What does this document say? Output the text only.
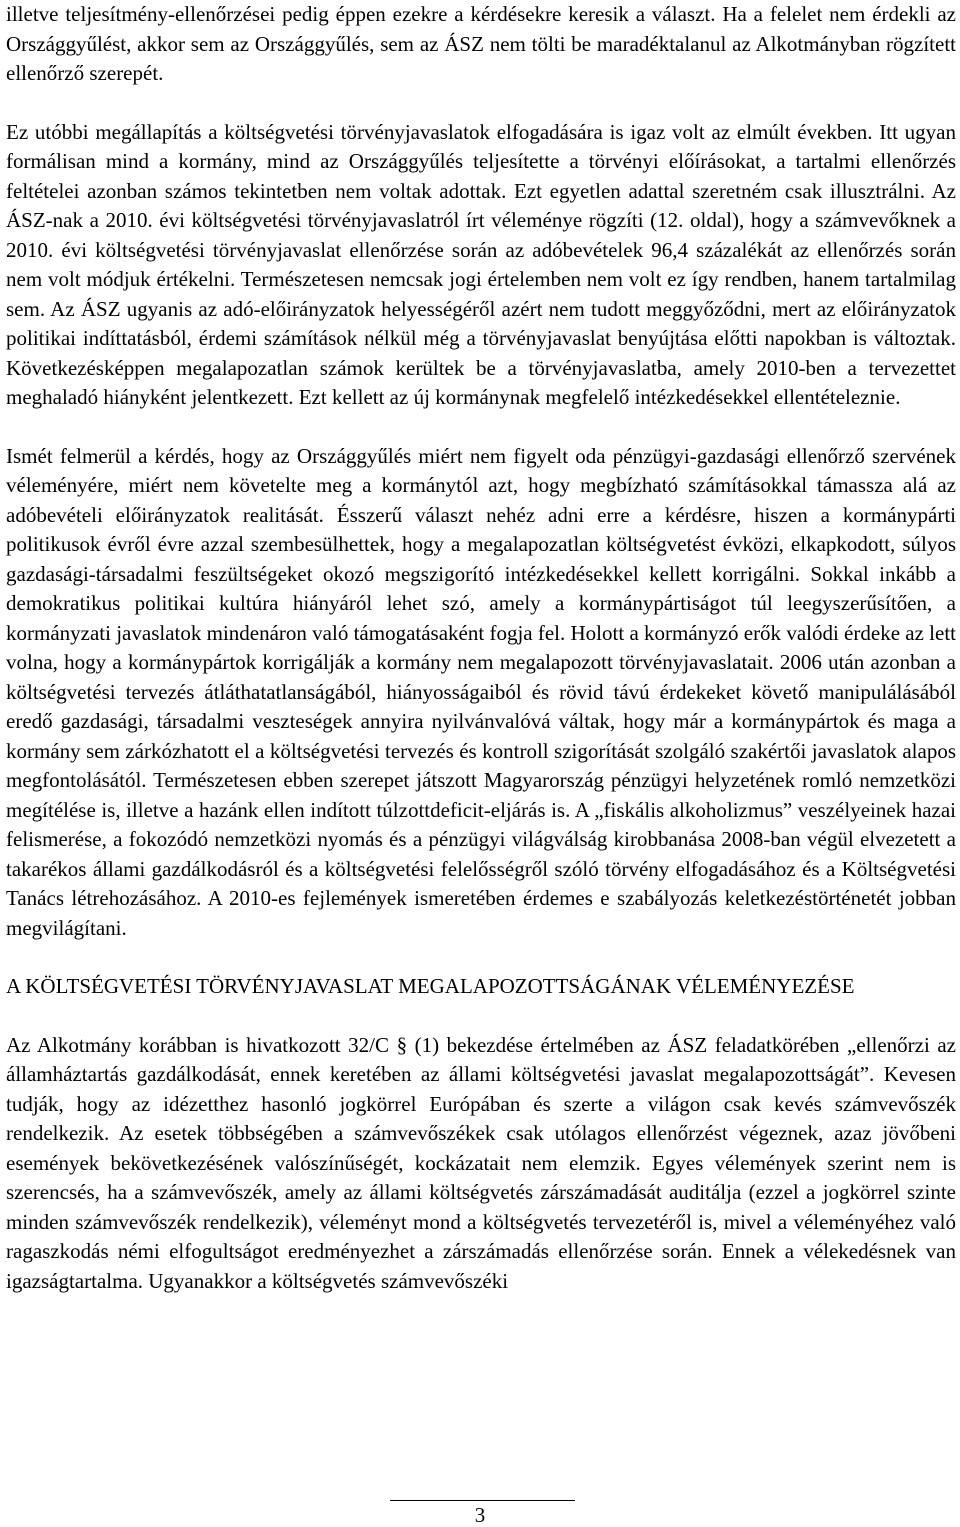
illetve teljesítmény-ellenőrzései pedig éppen ezekre a kérdésekre keresik a választ. Ha a felelet nem érdekli az Országgyűlést, akkor sem az Országgyűlés, sem az ÁSZ nem tölti be maradéktalanul az Alkotmányban rögzített ellenőrző szerepét.

Ez utóbbi megállapítás a költségvetési törvényjavaslatok elfogadására is igaz volt az elmúlt években. Itt ugyan formálisan mind a kormány, mind az Országgyűlés teljesítette a törvényi előírásokat, a tartalmi ellenőrzés feltételei azonban számos tekintetben nem voltak adottak. Ezt egyetlen adattal szeretném csak illusztrálni. Az ÁSZ-nak a 2010. évi költségvetési törvényjavaslatról írt véleménye rögzíti (12. oldal), hogy a számvevőknek a 2010. évi költségvetési törvényjavaslat ellenőrzése során az adóbevételek 96,4 százalékát az ellenőrzés során nem volt módjuk értékelni. Természetesen nemcsak jogi értelemben nem volt ez így rendben, hanem tartalmilag sem. Az ÁSZ ugyanis az adó-előirányzatok helyességéről azért nem tudott meggyőződni, mert az előirányzatok politikai indíttatásból, érdemi számítások nélkül még a törvényjavaslat benyújtása előtti napokban is változtak. Következésképpen megalapozatlan számok kerültek be a törvényjavaslatba, amely 2010-ben a tervezettet meghaladó hiányként jelentkezett. Ezt kellett az új kormánynak megfelelő intézkedésekkel ellentételeznie.

Ismét felmerül a kérdés, hogy az Országgyűlés miért nem figyelt oda pénzügyi-gazdasági ellenőrző szervének véleményére, miért nem követelte meg a kormánytól azt, hogy megbízható számításokkal támassza alá az adóbevételi előirányzatok realitását. Ésszerű választ nehéz adni erre a kérdésre, hiszen a kormánypárti politikusok évről évre azzal szembesülhettek, hogy a megalapozatlan költségvetést évközi, elkapkodott, súlyos gazdasági-társadalmi feszültségeket okozó megszigorító intézkedésekkel kellett korrigálni. Sokkal inkább a demokratikus politikai kultúra hiányáról lehet szó, amely a kormánypártiságot túl leegyszerűsítően, a kormányzati javaslatok mindenáron való támogatásaként fogja fel. Holott a kormányzó erők valódi érdeke az lett volna, hogy a kormánypártok korrigálják a kormány nem megalapozott törvényjavaslatait. 2006 után azonban a költségvetési tervezés átláthatatlanságából, hiányosságaiból és rövid távú érdekeket követő manipulálásából eredő gazdasági, társadalmi veszteségek annyira nyilvánvalóvá váltak, hogy már a kormánypártok és maga a kormány sem zárkózhatott el a költségvetési tervezés és kontroll szigorítását szolgáló szakértői javaslatok alapos megfontolásától. Természetesen ebben szerepet játszott Magyarország pénzügyi helyzetének romló nemzetközi megítélése is, illetve a hazánk ellen indított túlzottdeficit-eljárás is. A „fiskális alkoholizmus” veszélyeinek hazai felismerése, a fokozódó nemzetközi nyomás és a pénzügyi világválság kirobbanása 2008-ban végül elvezetett a takarékos állami gazdálkodásról és a költségvetési felelősségről szóló törvény elfogadásához és a Költségvetési Tanács létrehozásához. A 2010-es fejlemények ismeretében érdemes e szabályozás keletkezéstörténetét jobban megvilágítani.

A KÖLTSÉGVETÉSI TÖRVÉNYJAVASLAT MEGALAPOZOTTSÁGÁNAK VÉLEMÉNYEZÉSE

Az Alkotmány korábban is hivatkozott 32/C § (1) bekezdése értelmében az ÁSZ feladatkörében „ellenőrzi az államháztartás gazdálkodását, ennek keretében az állami költségvetési javaslat megalapozottságát”. Kevesen tudják, hogy az idézetthez hasonló jogkörrel Európában és szerte a világon csak kevés számvevőszék rendelkezik. Az esetek többségében a számvevőszékek csak utólagos ellenőrzést végeznek, azaz jövőbeni események bekövetkezésének valószínűségét, kockázatait nem elemzik. Egyes vélemények szerint nem is szerencsés, ha a számvevőszék, amely az állami költségvetés zárszámadását auditálja (ezzel a jogkörrel szinte minden számvevőszék rendelkezik), véleményt mond a költségvetés tervezetéről is, mivel a véleményéhez való ragaszkodás némi elfogultságot eredményezhet a zárszámadás ellenőrzése során. Ennek a vélekedésnek van igazságtartalma. Ugyanakkor a költségvetés számvevőszéki

3
